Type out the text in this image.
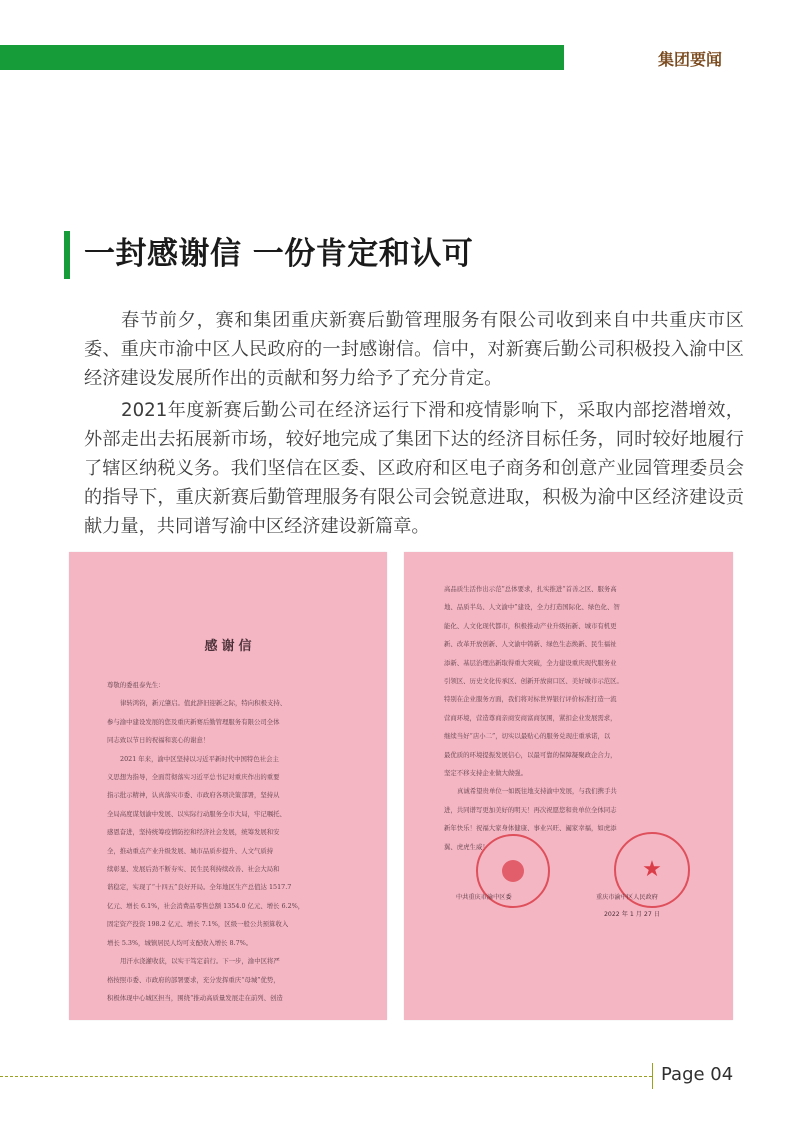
集团要闻
一封感谢信 一份肯定和认可

春节前夕，赛和集团重庆新赛后勤管理服务有限公司收到来自中共重庆市区委、重庆市渝中区人民政府的一封感谢信。信中，对新赛后勤公司积极投入渝中区经济建设发展所作出的贡献和努力给予了充分肯定。

2021年度新赛后勤公司在经济运行下滑和疫情影响下，采取内部挖潜增效，外部走出去拓展新市场，较好地完成了集团下达的经济目标任务，同时较好地履行了辖区纳税义务。我们坚信在区委、区政府和区电子商务和创意产业园管理委员会的指导下，重庆新赛后勤管理服务有限公司会锐意进取，积极为渝中区经济建设贡献力量，共同谱写渝中区经济建设新篇章。

感谢信

尊敬的委祖泰先生：

律转鸿钧，新元肇启。值此辞旧迎新之际，特向积极支持、

参与渝中建设发展的您及重庆新赛后勤管理服务有限公司全体

同志致以节日的祝福和衷心的谢意！

2021 年来，渝中区坚持以习近平新时代中国特色社会主

义思想为指导，全面贯彻落实习近平总书记对重庆作出的重要

指示批示精神，认真落实市委、市政府各项决策部署，坚持从

全局高度谋划渝中发展、以实际行动服务全市大局，牢记嘱托、

感恩奋进，坚持统筹疫情防控和经济社会发展，统筹发展和安

全，推动重点产业升级发展、城市品质步提升、人文气质持

续彰显、发展后劲不断夯实、民生民利持续改善、社会大局和

谐稳定，实现了“十四五”良好开局。全年地区生产总值达 1517.7

亿元、增长 6.1%，社会消费品零售总额 1354.0 亿元、增长 6.2%，

固定资产投资 198.2 亿元、增长 7.1%，区级一般公共预算收入

增长 5.3%，城镇居民人均可支配收入增长 8.7%。

用汗水浇灌收获，以实干笃定前行。下一步，渝中区将严

格按照市委、市政府的部署要求，充分发挥重庆“母城”优势，

积极体现中心城区担当，围绕“推动高质量发展走在前列、创造

高品质生活作出示范”总体要求，扎实推进“首善之区、服务高

地、品质半岛、人文渝中”建设，全力打造国际化、绿色化、智

能化、人文化现代都市，积极推动产业升级拓新、城市有机更

新、改革开放创新、人文渝中铸新、绿色生态焕新、民生福祉

添新、基层治理出新取得重大突破，全力建设重庆现代服务业

引领区、历史文化传承区、创新开放窗口区、美好城市示范区。

特别在企业服务方面，我们将对标世界银行评价标准打造一流

营商环境，营造尊商亲商安商富商氛围，紧扣企业发展需求，

继续当好“店小二”，切实以最贴心的服务兑现庄重承诺，以

最优质的环境提振发展信心，以最可靠的保障凝聚政企合力，

坚定不移支持企业做大做强。

真诚希望贵单位一如既往地支持渝中发展，与我们携手共

进，共同谱写更加美好的明天！再次祝愿您和贵单位全体同志

新年快乐！祝福大家身体健康、事业兴旺、阖家幸福，如虎添

翼、虎虎生威！

★
中共重庆市渝中区委	重庆市渝中区人民政府
2022 年 1 月 27 日
Page 04
